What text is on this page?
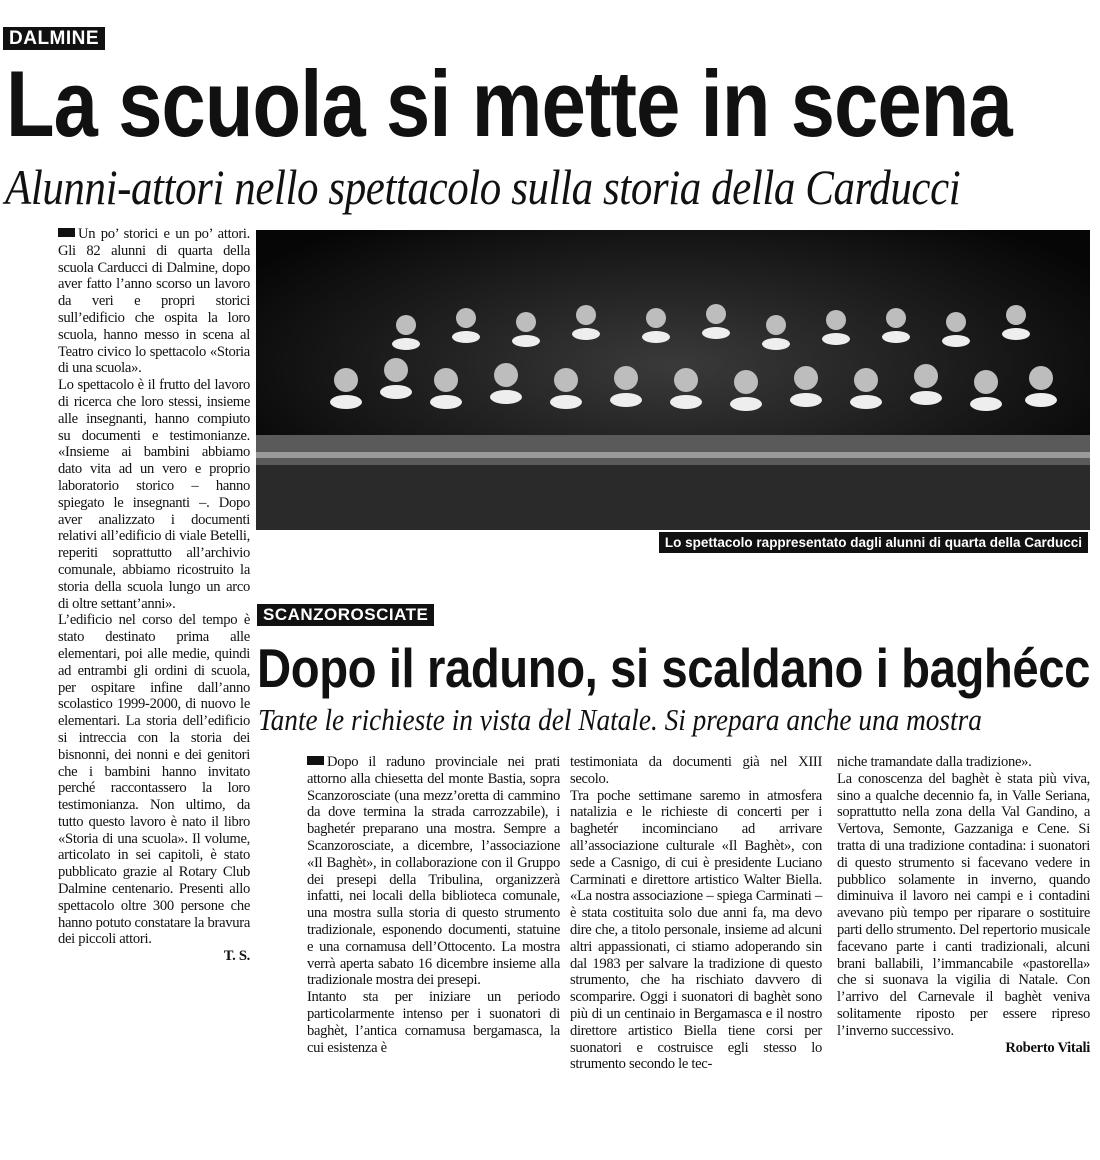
DALMINE
La scuola si mette in scena
Alunni-attori nello spettacolo sulla storia della Carducci

Un po’ storici e un po’ attori. Gli 82 alunni di quarta della scuola Carducci di Dalmine, dopo aver fatto l’anno scorso un lavoro da veri e propri storici sull’edificio che ospita la loro scuola, hanno messo in scena al Teatro civico lo spettacolo «Storia di una scuola».

Lo spettacolo è il frutto del lavoro di ricerca che loro stessi, insieme alle insegnanti, hanno compiuto su documenti e testimonianze. «Insieme ai bambini abbiamo dato vita ad un vero e proprio laboratorio storico – hanno spiegato le insegnanti –. Dopo aver analizzato i documenti relativi all’edificio di viale Betelli, reperiti soprattutto all’archivio comunale, abbiamo ricostruito la storia della scuola lungo un arco di oltre settant’anni».

L’edificio nel corso del tempo è stato destinato prima alle elementari, poi alle medie, quindi ad entrambi gli ordini di scuola, per ospitare infine dall’anno scolastico 1999-2000, di nuovo le elementari. La storia dell’edificio si intreccia con la storia dei bisnonni, dei nonni e dei genitori che i bambini hanno invitato perché raccontassero la loro testimonianza. Non ultimo, da tutto questo lavoro è nato il libro «Storia di una scuola». Il volume, articolato in sei capitoli, è stato pubblicato grazie al Rotary Club Dalmine centenario. Presenti allo spettacolo oltre 300 persone che hanno potuto constatare la bravura dei piccoli attori.

T. S.

Lo spettacolo rappresentato dagli alunni di quarta della Carducci
SCANZOROSCIATE
Dopo il raduno, si scaldano i baghécc
Tante le richieste in vista del Natale. Si prepara anche una mostra

Dopo il raduno provinciale nei prati attorno alla chiesetta del monte Bastia, sopra Scanzorosciate (una mezz’oretta di cammino da dove termina la strada carrozzabile), i baghetér preparano una mostra. Sempre a Scanzorosciate, a dicembre, l’associazione «Il Baghèt», in collaborazione con il Gruppo dei presepi della Tribulina, organizzerà infatti, nei locali della biblioteca comunale, una mostra sulla storia di questo strumento tradizionale, esponendo documenti, statuine e una cornamusa dell’Ottocento. La mostra verrà aperta sabato 16 dicembre insieme alla tradizionale mostra dei presepi.

Intanto sta per iniziare un periodo particolarmente intenso per i suonatori di baghèt, l’antica cornamusa bergamasca, la cui esistenza è

testimoniata da documenti già nel XIII secolo.

Tra poche settimane saremo in atmosfera natalizia e le richieste di concerti per i baghetér incominciano ad arrivare all’associazione culturale «Il Baghèt», con sede a Casnigo, di cui è presidente Luciano Carminati e direttore artistico Walter Biella. «La nostra associazione – spiega Carminati – è stata costituita solo due anni fa, ma devo dire che, a titolo personale, insieme ad alcuni altri appassionati, ci stiamo adoperando sin dal 1983 per salvare la tradizione di questo strumento, che ha rischiato davvero di scomparire. Oggi i suonatori di baghèt sono più di un centinaio in Bergamasca e il nostro direttore artistico Biella tiene corsi per suonatori e costruisce egli stesso lo strumento secondo le tec-

niche tramandate dalla tradizione».

La conoscenza del baghèt è stata più viva, sino a qualche decennio fa, in Valle Seriana, soprattutto nella zona della Val Gandino, a Vertova, Semonte, Gazzaniga e Cene. Si tratta di una tradizione contadina: i suonatori di questo strumento si facevano vedere in pubblico solamente in inverno, quando diminuiva il lavoro nei campi e i contadini avevano più tempo per riparare o sostituire parti dello strumento. Del repertorio musicale facevano parte i canti tradizionali, alcuni brani ballabili, l’immancabile «pastorella» che si suonava la vigilia di Natale. Con l’arrivo del Carnevale il baghèt veniva solitamente riposto per essere ripreso l’inverno successivo.

Roberto Vitali
